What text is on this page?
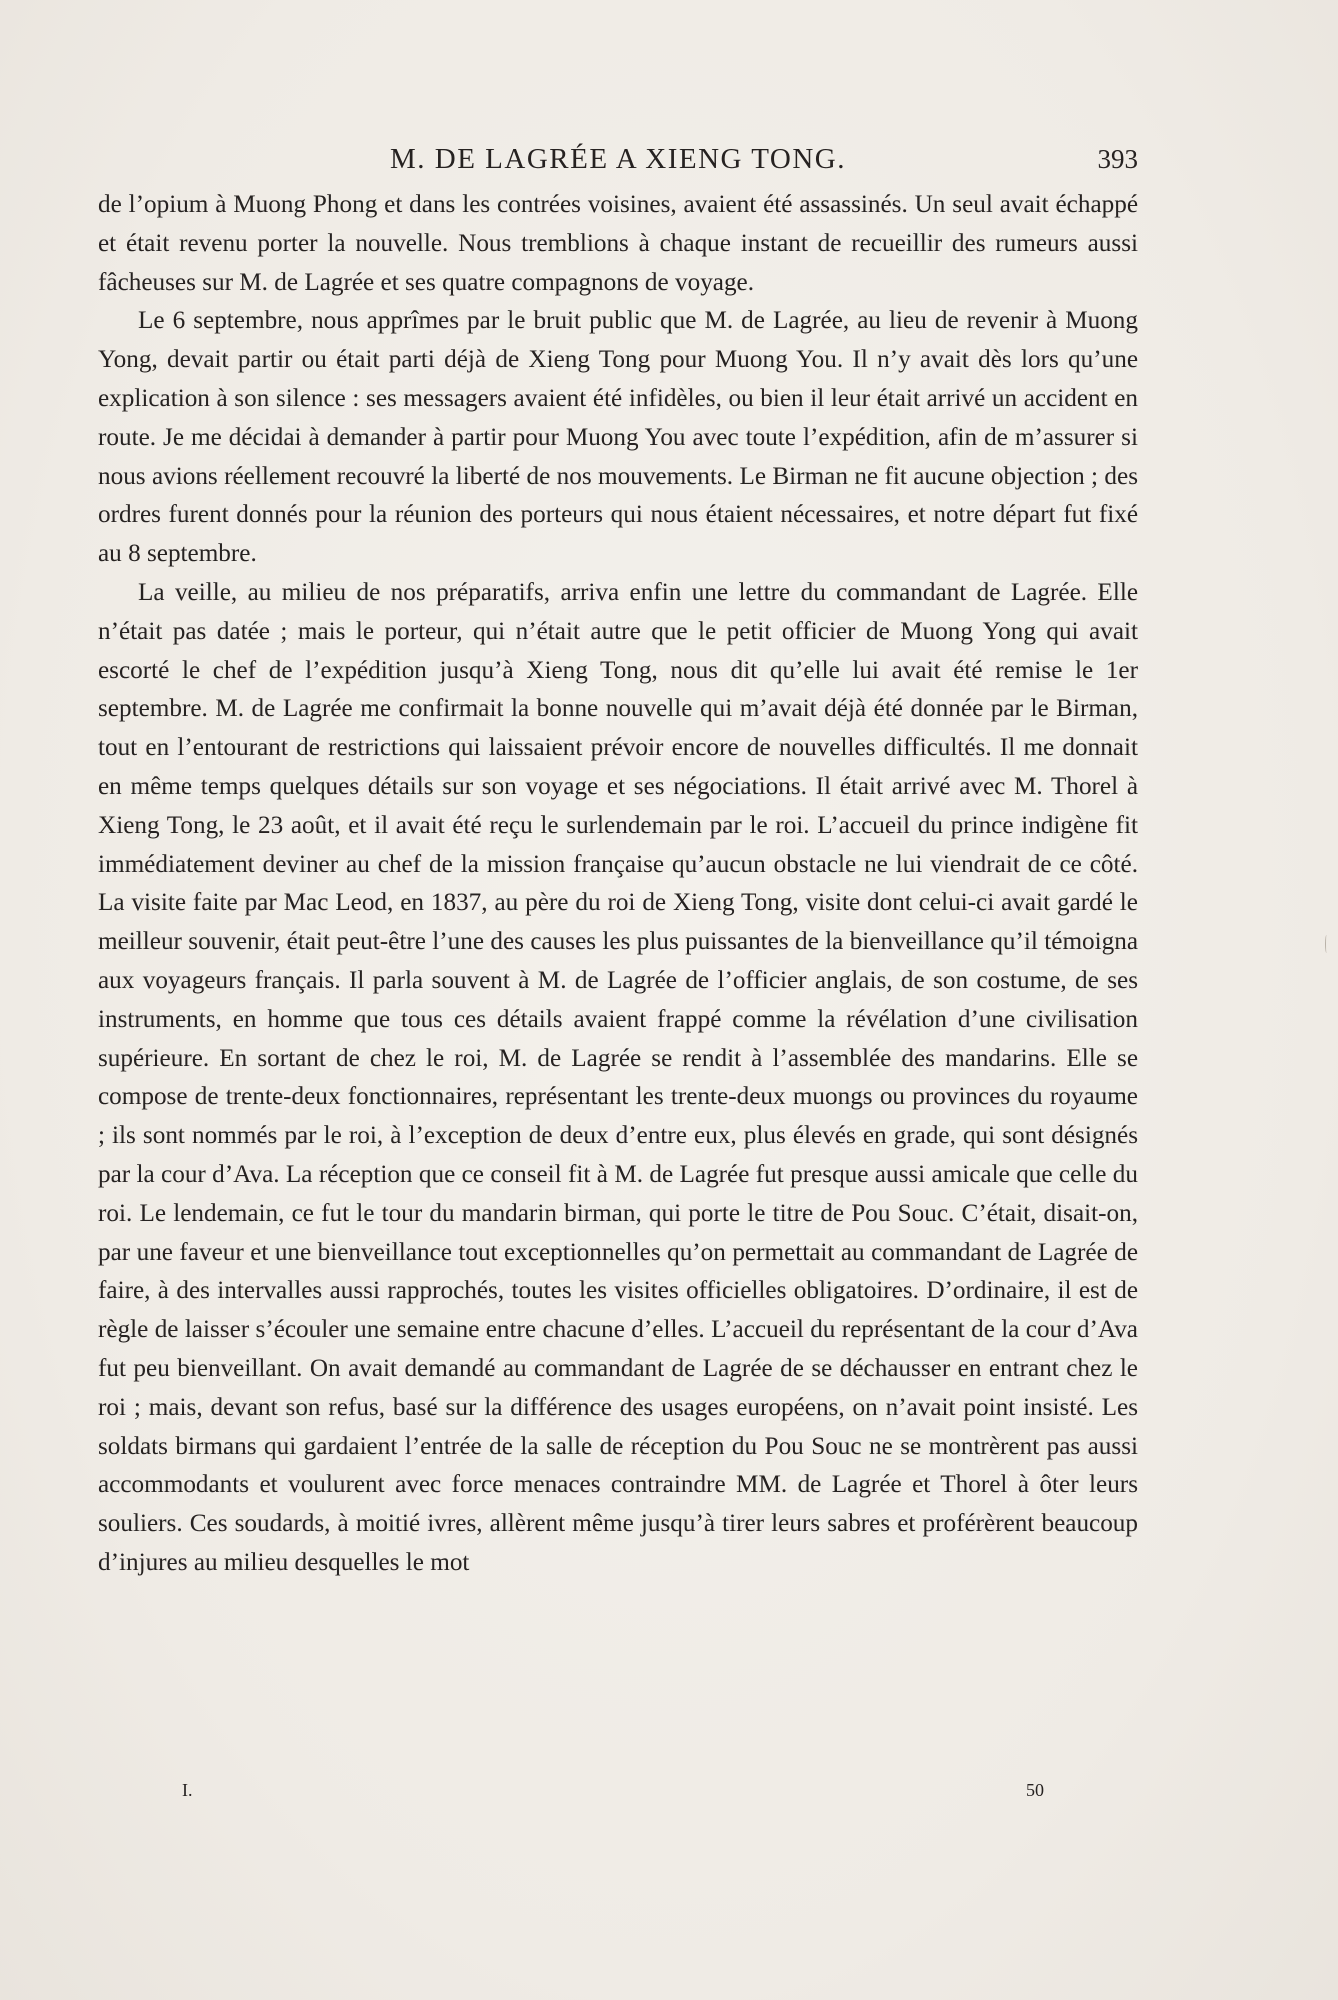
M. DE LAGRÉE A XIENG TONG.	393

de l’opium à Muong Phong et dans les contrées voisines, avaient été assassinés. Un seul avait échappé et était revenu porter la nouvelle. Nous tremblions à chaque instant de recueillir des rumeurs aussi fâcheuses sur M. de Lagrée et ses quatre compagnons de voyage.

Le 6 septembre, nous apprîmes par le bruit public que M. de Lagrée, au lieu de revenir à Muong Yong, devait partir ou était parti déjà de Xieng Tong pour Muong You. Il n’y avait dès lors qu’une explication à son silence : ses messagers avaient été infidèles, ou bien il leur était arrivé un accident en route. Je me décidai à demander à partir pour Muong You avec toute l’expédition, afin de m’assurer si nous avions réellement recouvré la liberté de nos mouvements. Le Birman ne fit aucune objection ; des ordres furent donnés pour la réunion des porteurs qui nous étaient nécessaires, et notre départ fut fixé au 8 septembre.

La veille, au milieu de nos préparatifs, arriva enfin une lettre du commandant de Lagrée. Elle n’était pas datée ; mais le porteur, qui n’était autre que le petit officier de Muong Yong qui avait escorté le chef de l’expédition jusqu’à Xieng Tong, nous dit qu’elle lui avait été remise le 1er septembre. M. de Lagrée me confirmait la bonne nouvelle qui m’avait déjà été donnée par le Birman, tout en l’entourant de restrictions qui laissaient prévoir encore de nouvelles difficultés. Il me donnait en même temps quelques détails sur son voyage et ses négociations. Il était arrivé avec M. Thorel à Xieng Tong, le 23 août, et il avait été reçu le surlendemain par le roi. L’accueil du prince indigène fit immédiatement deviner au chef de la mission française qu’aucun obstacle ne lui viendrait de ce côté. La visite faite par Mac Leod, en 1837, au père du roi de Xieng Tong, visite dont celui-ci avait gardé le meilleur souvenir, était peut-être l’une des causes les plus puissantes de la bienveillance qu’il témoigna aux voyageurs français. Il parla souvent à M. de Lagrée de l’officier anglais, de son costume, de ses instruments, en homme que tous ces détails avaient frappé comme la révélation d’une civilisation supérieure. En sortant de chez le roi, M. de Lagrée se rendit à l’assemblée des mandarins. Elle se compose de trente-deux fonctionnaires, représentant les trente-deux muongs ou provinces du royaume ; ils sont nommés par le roi, à l’exception de deux d’entre eux, plus élevés en grade, qui sont désignés par la cour d’Ava. La réception que ce conseil fit à M. de Lagrée fut presque aussi amicale que celle du roi. Le lendemain, ce fut le tour du mandarin birman, qui porte le titre de Pou Souc. C’était, disait-on, par une faveur et une bienveillance tout exceptionnelles qu’on permettait au commandant de Lagrée de faire, à des intervalles aussi rapprochés, toutes les visites officielles obligatoires. D’ordinaire, il est de règle de laisser s’écouler une semaine entre chacune d’elles. L’accueil du représentant de la cour d’Ava fut peu bienveillant. On avait demandé au commandant de Lagrée de se déchausser en entrant chez le roi ; mais, devant son refus, basé sur la différence des usages européens, on n’avait point insisté. Les soldats birmans qui gardaient l’entrée de la salle de réception du Pou Souc ne se montrèrent pas aussi accommodants et voulurent avec force menaces contraindre MM. de Lagrée et Thorel à ôter leurs souliers. Ces soudards, à moitié ivres, allèrent même jusqu’à tirer leurs sabres et proférèrent beaucoup d’injures au milieu desquelles le mot

I.	50
